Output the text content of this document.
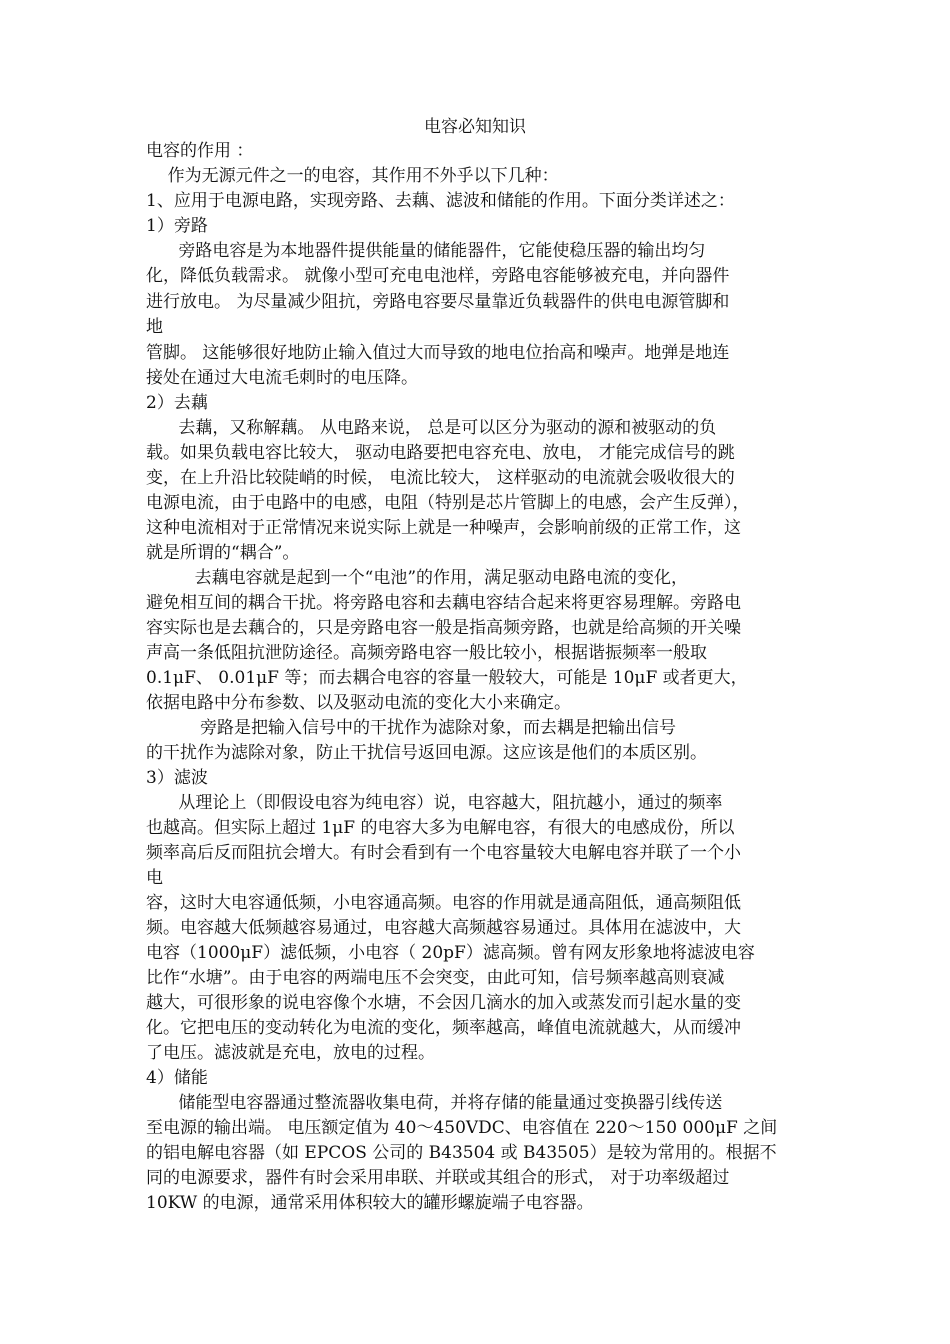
电容必知知识
电容的作用 ：
作为无源元件之一的电容，其作用不外乎以下几种：
1、应用于电源电路，实现旁路、去藕、滤波和储能的作用。下面分类详述之：
1）旁路
旁路电容是为本地器件提供能量的储能器件，它能使稳压器的输出均匀
化，降低负载需求。 就像小型可充电电池样，旁路电容能够被充电，并向器件
进行放电。 为尽量减少阻抗，旁路电容要尽量靠近负载器件的供电电源管脚和
地
管脚。 这能够很好地防止输入值过大而导致的地电位抬高和噪声。地弹是地连
接处在通过大电流毛刺时的电压降。
2）去藕
去藕，又称解藕。 从电路来说， 总是可以区分为驱动的源和被驱动的负
载。如果负载电容比较大， 驱动电路要把电容充电、放电， 才能完成信号的跳
变，在上升沿比较陡峭的时候， 电流比较大， 这样驱动的电流就会吸收很大的
电源电流，由于电路中的电感，电阻（特别是芯片管脚上的电感，会产生反弹），
这种电流相对于正常情况来说实际上就是一种噪声，会影响前级的正常工作，这
就是所谓的“耦合”。
去藕电容就是起到一个“电池”的作用，满足驱动电路电流的变化，
避免相互间的耦合干扰。将旁路电容和去藕电容结合起来将更容易理解。旁路电
容实际也是去藕合的，只是旁路电容一般是指高频旁路，也就是给高频的开关噪
声高一条低阻抗泄防途径。高频旁路电容一般比较小，根据谐振频率一般取
0.1μF、 0.01μF 等；而去耦合电容的容量一般较大，可能是 10μF 或者更大，
依据电路中分布参数、以及驱动电流的变化大小来确定。
旁路是把输入信号中的干扰作为滤除对象，而去耦是把输出信号
的干扰作为滤除对象，防止干扰信号返回电源。这应该是他们的本质区别。
3）滤波
从理论上（即假设电容为纯电容）说，电容越大，阻抗越小，通过的频率
也越高。但实际上超过 1μF 的电容大多为电解电容，有很大的电感成份，所以
频率高后反而阻抗会增大。有时会看到有一个电容量较大电解电容并联了一个小
电
容，这时大电容通低频，小电容通高频。电容的作用就是通高阻低，通高频阻低
频。电容越大低频越容易通过，电容越大高频越容易通过。具体用在滤波中，大
电容（1000μF）滤低频，小电容（ 20pF）滤高频。曾有网友形象地将滤波电容
比作“水塘”。由于电容的两端电压不会突变，由此可知，信号频率越高则衰减
越大，可很形象的说电容像个水塘，不会因几滴水的加入或蒸发而引起水量的变
化。它把电压的变动转化为电流的变化，频率越高，峰值电流就越大，从而缓冲
了电压。滤波就是充电，放电的过程。
4）储能
储能型电容器通过整流器收集电荷，并将存储的能量通过变换器引线传送
至电源的输出端。 电压额定值为 40～450VDC、电容值在 220～150 000μF 之间
的铝电解电容器（如 EPCOS 公司的 B43504 或 B43505）是较为常用的。根据不
同的电源要求，器件有时会采用串联、并联或其组合的形式， 对于功率级超过
10KW 的电源，通常采用体积较大的罐形螺旋端子电容器。
